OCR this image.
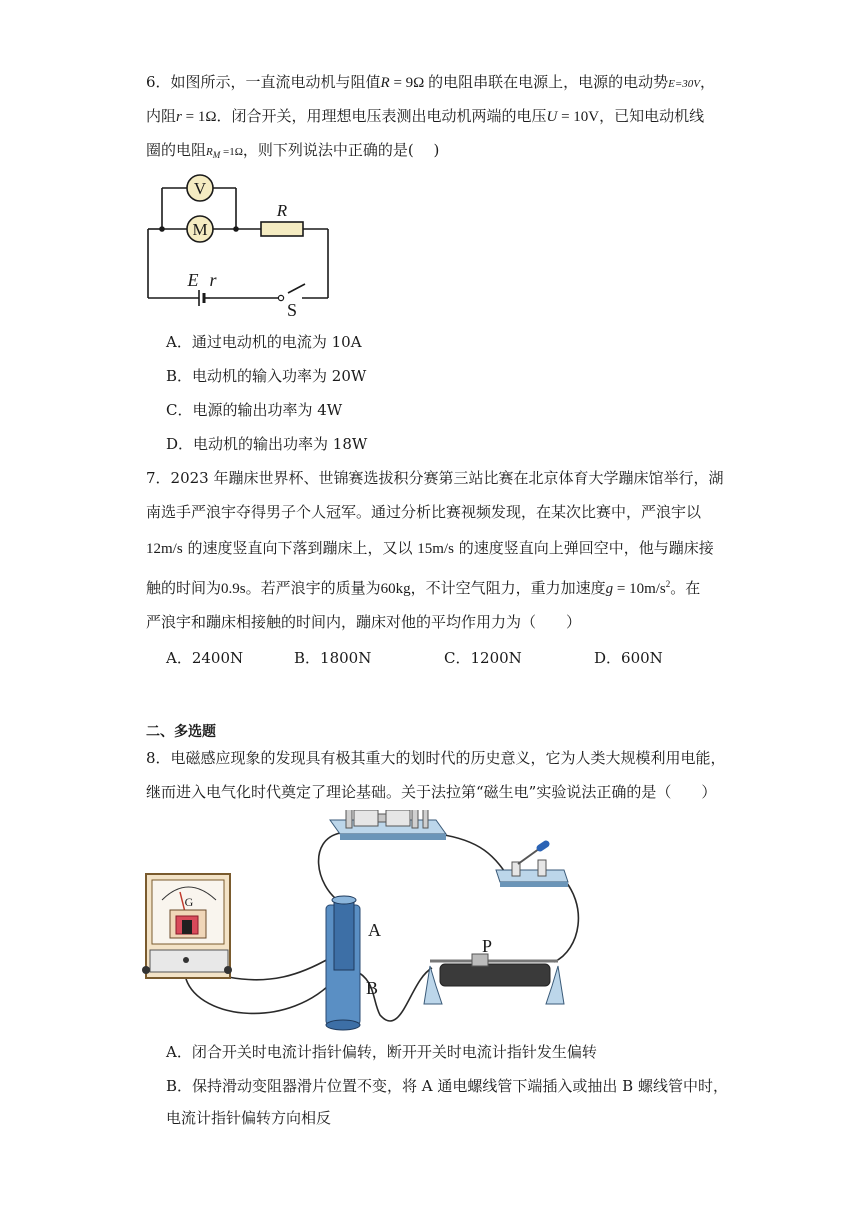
6．如图所示，一直流电动机与阻值R = 9Ω 的电阻串联在电源上，电源的电动势E=30V，
内阻r = 1Ω．闭合开关，用理想电压表测出电动机两端的电压U = 10V，已知电动机线
圈的电阻$R_M =1\Omega$，则下列说法中正确的是(　 )
V
M
R
E r
S
A．通过电动机的电流为 10A
B．电动机的输入功率为 20W
C．电源的输出功率为 4W
D．电动机的输出功率为 18W
7．2023 年蹦床世界杯、世锦赛选拔积分赛第三站比赛在北京体育大学蹦床馆举行，湖
南选手严浪宇夺得男子个人冠军。通过分析比赛视频发现，在某次比赛中，严浪宇以
12m/s 的速度竖直向下落到蹦床上，又以 15m/s 的速度竖直向上弹回空中，他与蹦床接
触的时间为0.9s。若严浪宇的质量为60kg，不计空气阻力，重力加速度$g = 10m/s^2$。在
严浪宇和蹦床相接触的时间内，蹦床对他的平均作用力为（　　）
A．2400N	B．1800N	C．1200N	D．600N
二、多选题
8．电磁感应现象的发现具有极其重大的划时代的历史意义，它为人类大规模利用电能，
继而进入电气化时代奠定了理论基础。关于法拉第“磁生电”实验说法正确的是（　　）
G
A
B
P
A．闭合开关时电流计指针偏转，断开开关时电流计指针发生偏转
B．保持滑动变阻器滑片位置不变，将 A 通电螺线管下端插入或抽出 B 螺线管中时，
电流计指针偏转方向相反
